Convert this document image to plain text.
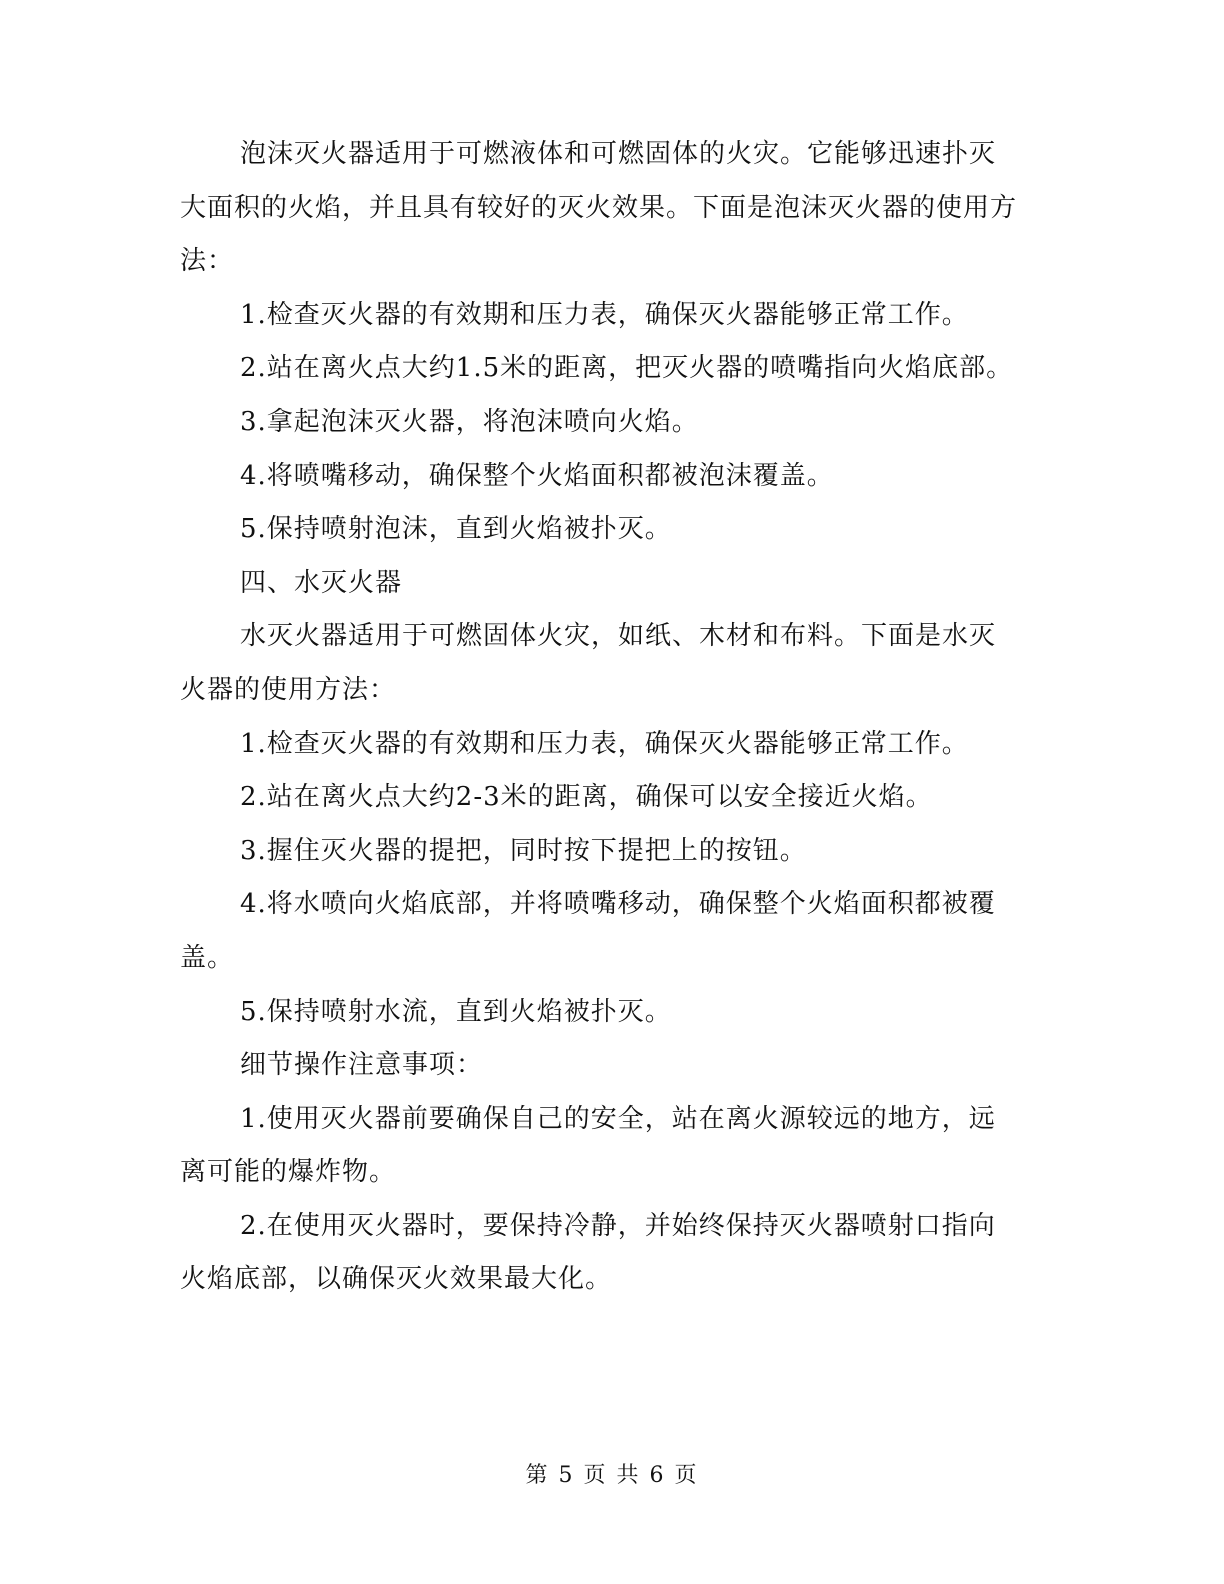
泡沫灭火器适用于可燃液体和可燃固体的火灾。它能够迅速扑灭大面积的火焰，并且具有较好的灭火效果。下面是泡沫灭火器的使用方法：

1.检查灭火器的有效期和压力表，确保灭火器能够正常工作。

2.站在离火点大约1.5米的距离，把灭火器的喷嘴指向火焰底部。

3.拿起泡沫灭火器，将泡沫喷向火焰。

4.将喷嘴移动，确保整个火焰面积都被泡沫覆盖。

5.保持喷射泡沫，直到火焰被扑灭。

四、水灭火器

水灭火器适用于可燃固体火灾，如纸、木材和布料。下面是水灭火器的使用方法：

1.检查灭火器的有效期和压力表，确保灭火器能够正常工作。

2.站在离火点大约2-3米的距离，确保可以安全接近火焰。

3.握住灭火器的提把，同时按下提把上的按钮。

4.将水喷向火焰底部，并将喷嘴移动，确保整个火焰面积都被覆盖。

5.保持喷射水流，直到火焰被扑灭。

细节操作注意事项：

1.使用灭火器前要确保自己的安全，站在离火源较远的地方，远离可能的爆炸物。

2.在使用灭火器时，要保持冷静，并始终保持灭火器喷射口指向火焰底部，以确保灭火效果最大化。

第 5 页 共 6 页
